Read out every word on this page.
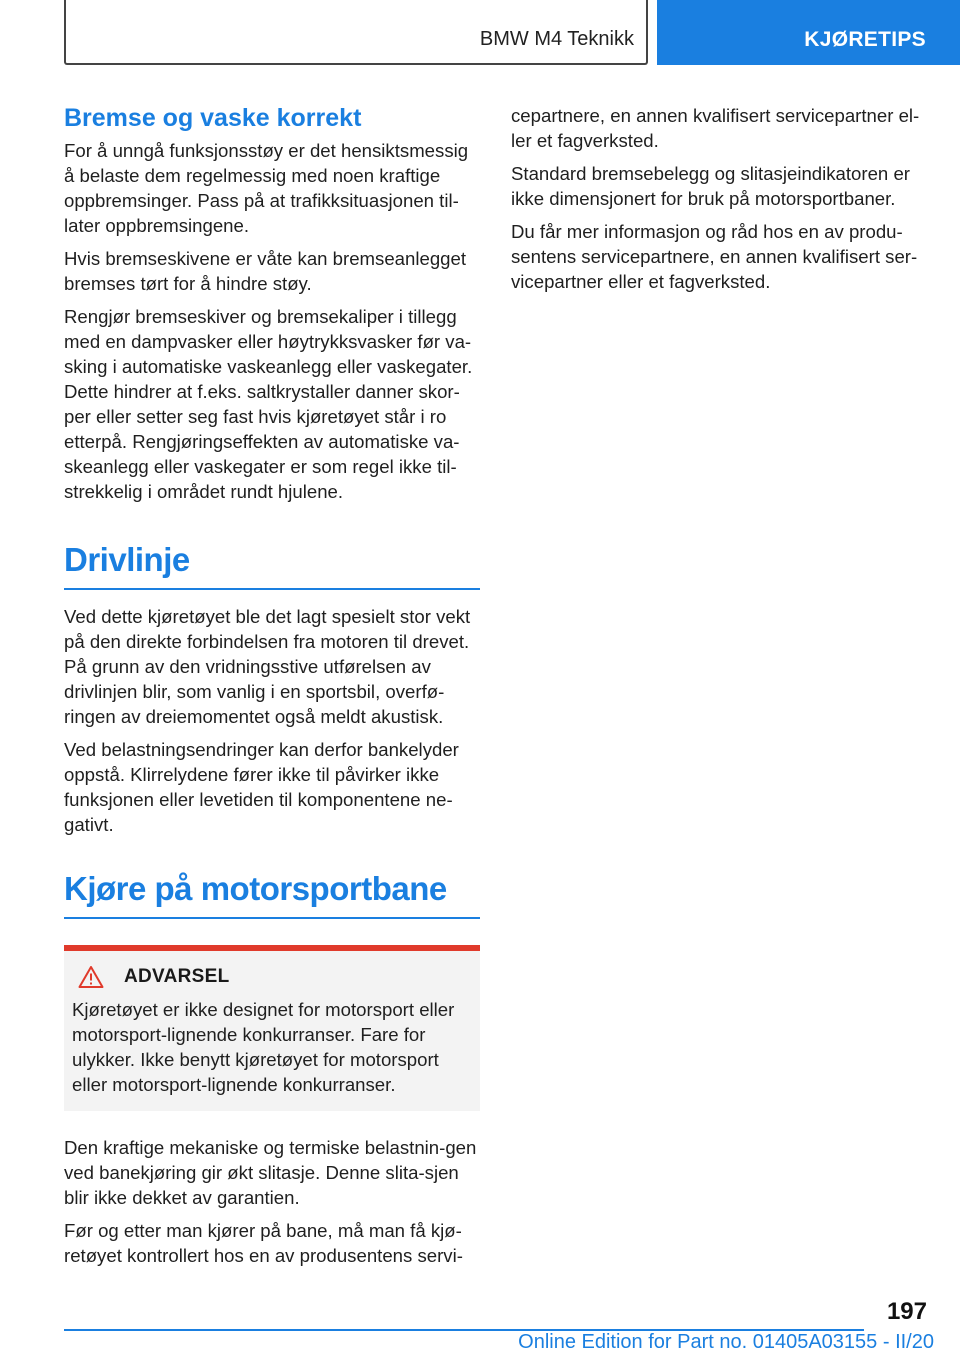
BMW M4 Teknikk	KJØRETIPS
Bremse og vaske korrekt

For å unngå funksjonsstøy er det hensiktsmessig å belaste dem regelmessig med noen kraftige oppbremsinger. Pass på at trafikksituasjonen til-later oppbremsingene.

Hvis bremseskivene er våte kan bremseanlegget bremses tørt for å hindre støy.

Rengjør bremseskiver og bremsekaliper i tillegg med en dampvasker eller høytrykksvasker før va-sking i automatiske vaskeanlegg eller vaskegater. Dette hindrer at f.eks. saltkrystaller danner skor-per eller setter seg fast hvis kjøretøyet står i ro etterpå. Rengjøringseffekten av automatiske va-skeanlegg eller vaskegater er som regel ikke til-strekkelig i området rundt hjulene.

Drivlinje

Ved dette kjøretøyet ble det lagt spesielt stor vekt på den direkte forbindelsen fra motoren til drevet. På grunn av den vridningsstive utførelsen av drivlinjen blir, som vanlig i en sportsbil, overfø-ringen av dreiemomentet også meldt akustisk.

Ved belastningsendringer kan derfor bankelyder oppstå. Klirrelydene fører ikke til påvirker ikke funksjonen eller levetiden til komponentene ne-gativt.

Kjøre på motorsportbane
ADVARSEL

Kjøretøyet er ikke designet for motorsport eller motorsport-lignende konkurranser. Fare for ulykker. Ikke benytt kjøretøyet for motorsport eller motorsport-lignende konkurranser.

Den kraftige mekaniske og termiske belastnin-gen ved banekjøring gir økt slitasje. Denne slita-sjen blir ikke dekket av garantien.

Før og etter man kjører på bane, må man få kjø-retøyet kontrollert hos en av produsentens servi-

cepartnere, en annen kvalifisert servicepartner el-ler et fagverksted.

Standard bremsebelegg og slitasjeindikatoren er ikke dimensjonert for bruk på motorsportbaner.

Du får mer informasjon og råd hos en av produ-sentens servicepartnere, en annen kvalifisert ser-vicepartner eller et fagverksted.

197
Online Edition for Part no. 01405A03155 - II/20
